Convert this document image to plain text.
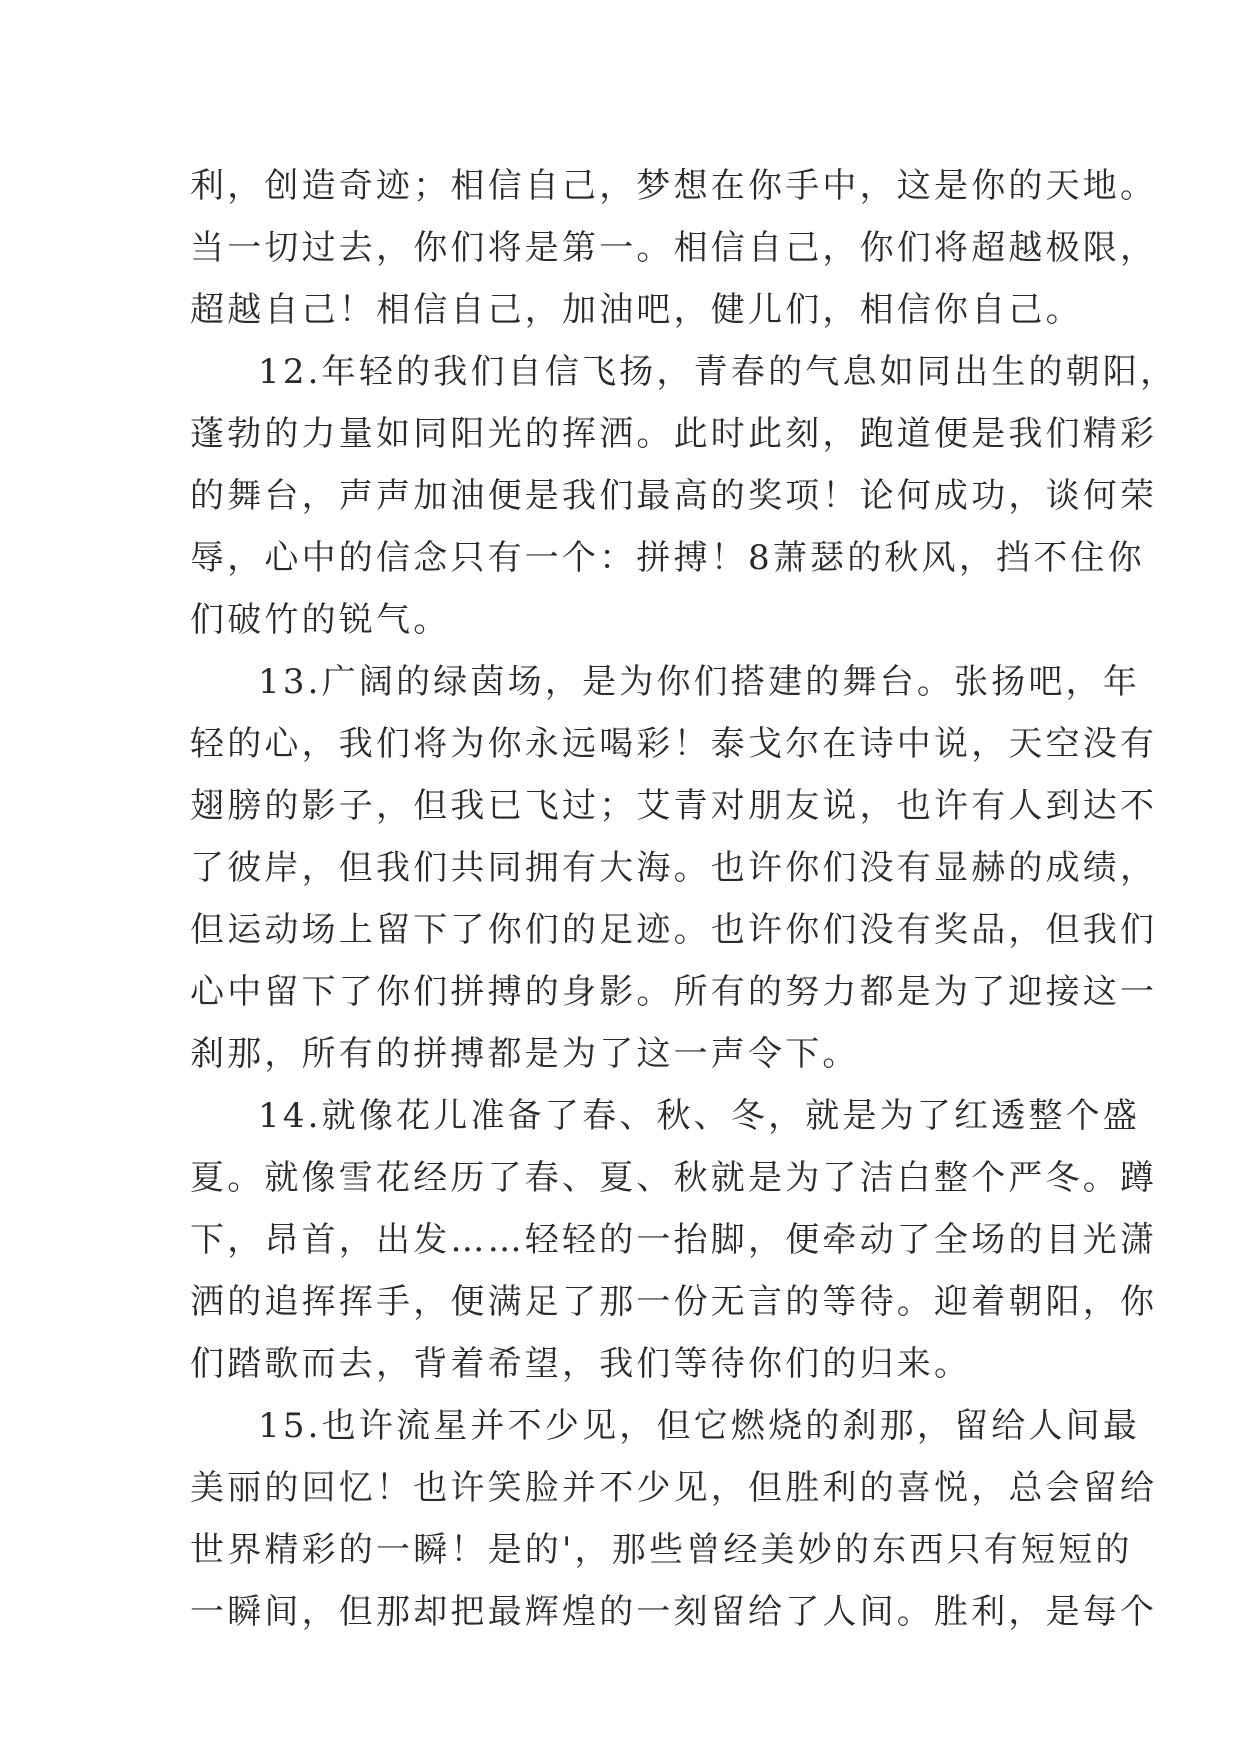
利，创造奇迹；相信自己，梦想在你手中，这是你的天地。
当一切过去，你们将是第一。相信自己，你们将超越极限，
超越自己！相信自己，加油吧，健儿们，相信你自己。
12.年轻的我们自信飞扬，青春的气息如同出生的朝阳，
蓬勃的力量如同阳光的挥洒。此时此刻，跑道便是我们精彩
的舞台，声声加油便是我们最高的奖项！论何成功，谈何荣
辱，心中的信念只有一个：拼搏！8萧瑟的秋风，挡不住你
们破竹的锐气。
13.广阔的绿茵场，是为你们搭建的舞台。张扬吧，年
轻的心，我们将为你永远喝彩！泰戈尔在诗中说，天空没有
翅膀的影子，但我已飞过；艾青对朋友说，也许有人到达不
了彼岸，但我们共同拥有大海。也许你们没有显赫的成绩，
但运动场上留下了你们的足迹。也许你们没有奖品，但我们
心中留下了你们拼搏的身影。所有的努力都是为了迎接这一
刹那，所有的拼搏都是为了这一声令下。
14.就像花儿准备了春、秋、冬，就是为了红透整个盛
夏。就像雪花经历了春、夏、秋就是为了洁白整个严冬。蹲
下，昂首，出发……轻轻的一抬脚，便牵动了全场的目光潇
洒的追挥挥手，便满足了那一份无言的等待。迎着朝阳，你
们踏歌而去，背着希望，我们等待你们的归来。
15.也许流星并不少见，但它燃烧的刹那，留给人间最
美丽的回忆！也许笑脸并不少见，但胜利的喜悦，总会留给
世界精彩的一瞬！是的'，那些曾经美妙的东西只有短短的
一瞬间，但那却把最辉煌的一刻留给了人间。胜利，是每个
